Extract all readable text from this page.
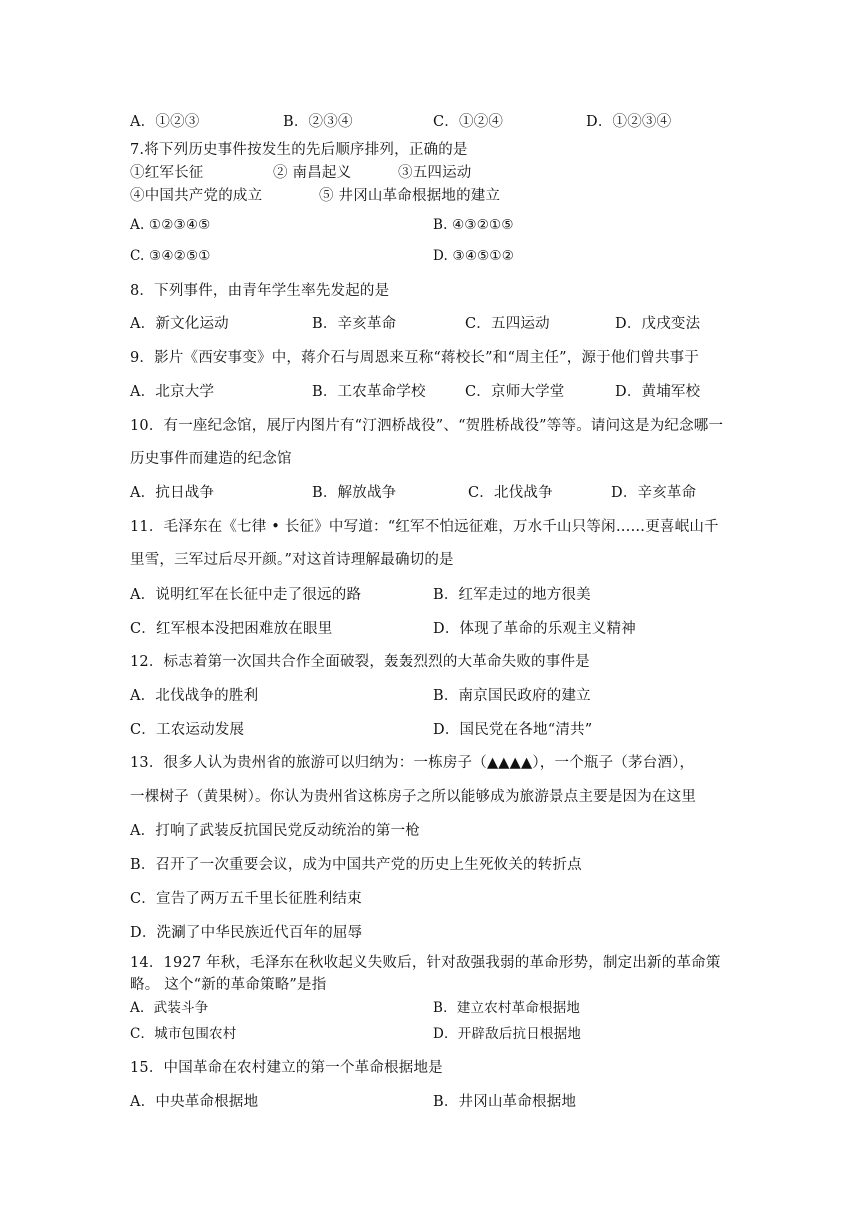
A．①②③	B．②③④	C．①②④	D．①②③④
7.将下列历史事件按发生的先后顺序排列，正确的是
①红军长征	② 南昌起义	③五四运动
④中国共产党的成立	⑤ 井冈山革命根据地的建立
A. ①②③④⑤	B. ④③②①⑤
C. ③④②⑤①	D. ③④⑤①②
8．下列事件，由青年学生率先发起的是
A．新文化运动	B．辛亥革命	C．五四运动	D．戊戌变法
9．影片《西安事变》中，蒋介石与周恩来互称“蒋校长”和“周主任”，源于他们曾共事于
A．北京大学	B．工农革命学校	C．京师大学堂	D．黄埔军校
10．有一座纪念馆，展厅内图片有“汀泗桥战役”、“贺胜桥战役”等等。请问这是为纪念哪一
历史事件而建造的纪念馆
A．抗日战争	B．解放战争	C．北伐战争	D．辛亥革命
11．毛泽东在《七律 • 长征》中写道：“红军不怕远征难，万水千山只等闲……更喜岷山千
里雪，三军过后尽开颜。”对这首诗理解最确切的是
A．说明红军在长征中走了很远的路	B．红军走过的地方很美
C．红军根本没把困难放在眼里	D．体现了革命的乐观主义精神
12．标志着第一次国共合作全面破裂，轰轰烈烈的大革命失败的事件是
A．北伐战争的胜利	B．南京国民政府的建立
C．工农运动发展	D．国民党在各地“清共”
13．很多人认为贵州省的旅游可以归纳为：一栋房子（▲▲▲▲），一个瓶子（茅台酒），
一棵树子（黄果树）。你认为贵州省这栋房子之所以能够成为旅游景点主要是因为在这里
A．打响了武装反抗国民党反动统治的第一枪
B．召开了一次重要会议，成为中国共产党的历史上生死攸关的转折点
C．宣告了两万五千里长征胜利结束
D．洗涮了中华民族近代百年的屈辱
14．1927 年秋，毛泽东在秋收起义失败后，针对敌强我弱的革命形势，制定出新的革命策
略。 这个“新的革命策略”是指
A．武装斗争	B．建立农村革命根据地
C．城市包围农村	D．开辟敌后抗日根据地
15．中国革命在农村建立的第一个革命根据地是
A．中央革命根据地	B．井冈山革命根据地
